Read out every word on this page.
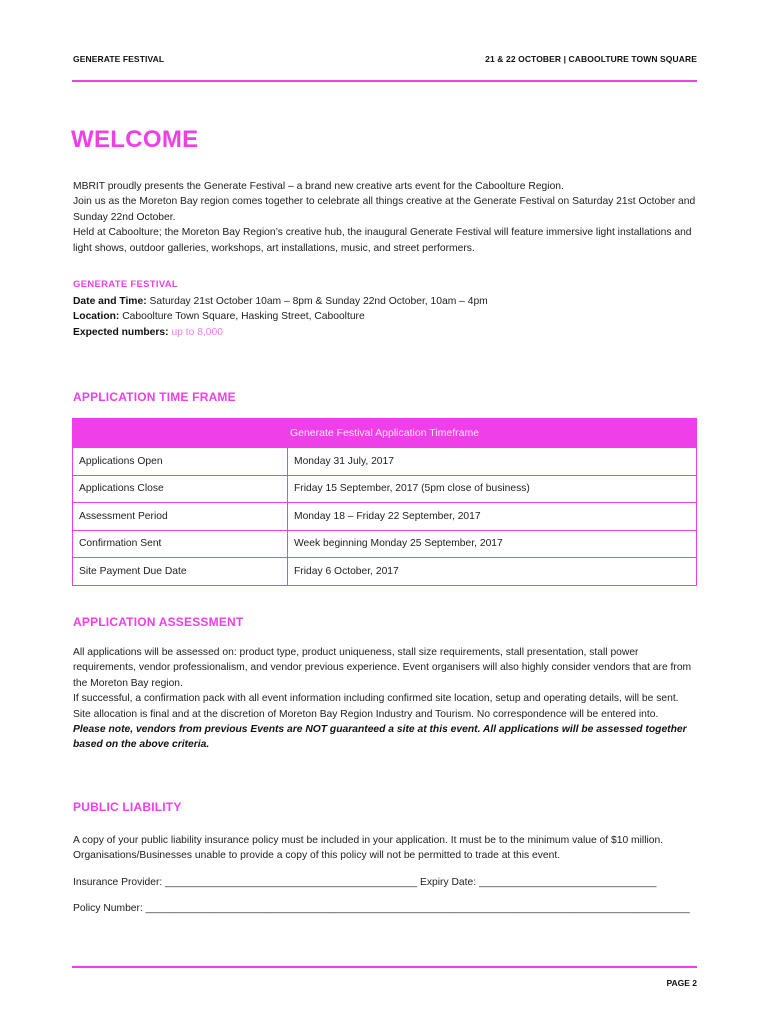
GENERATE FESTIVAL	21 & 22 OCTOBER | CABOOLTURE TOWN SQUARE
WELCOME

MBRIT proudly presents the Generate Festival – a brand new creative arts event for the Caboolture Region.

Join us as the Moreton Bay region comes together to celebrate all things creative at the Generate Festival on Saturday 21st October and Sunday 22nd October.

Held at Caboolture; the Moreton Bay Region’s creative hub, the inaugural Generate Festival will feature immersive light installations and light shows, outdoor galleries, workshops, art installations, music, and street performers.

GENERATE FESTIVAL
Date and Time: Saturday 21st October 10am – 8pm & Sunday 22nd October, 10am – 4pm
Location: Caboolture Town Square, Hasking Street, Caboolture
Expected numbers: up to 8,000
APPLICATION TIME FRAME
Generate Festival Application Timeframe	
Applications Open	Monday 31 July, 2017
Applications Close	Friday 15 September, 2017 (5pm close of business)
Assessment Period	Monday 18 – Friday 22 September, 2017
Confirmation Sent	Week beginning Monday 25 September, 2017
Site Payment Due Date	Friday 6 October, 2017
APPLICATION ASSESSMENT

All applications will be assessed on: product type, product uniqueness, stall size requirements, stall presentation, stall power requirements, vendor professionalism, and vendor previous experience. Event organisers will also highly consider vendors that are from the Moreton Bay region.

If successful, a confirmation pack with all event information including confirmed site location, setup and operating details, will be sent. Site allocation is final and at the discretion of Moreton Bay Region Industry and Tourism. No correspondence will be entered into.

Please note, vendors from previous Events are NOT guaranteed a site at this event. All applications will be assessed together based on the above criteria.

PUBLIC LIABILITY

A copy of your public liability insurance policy must be included in your application. It must be to the minimum value of $10 million.

Organisations/Businesses unable to provide a copy of this policy will not be permitted to trade at this event.

Insurance Provider: ____________________________________________ Expiry Date: _______________________________
Policy Number: _______________________________________________________________________________________________
PAGE 2
